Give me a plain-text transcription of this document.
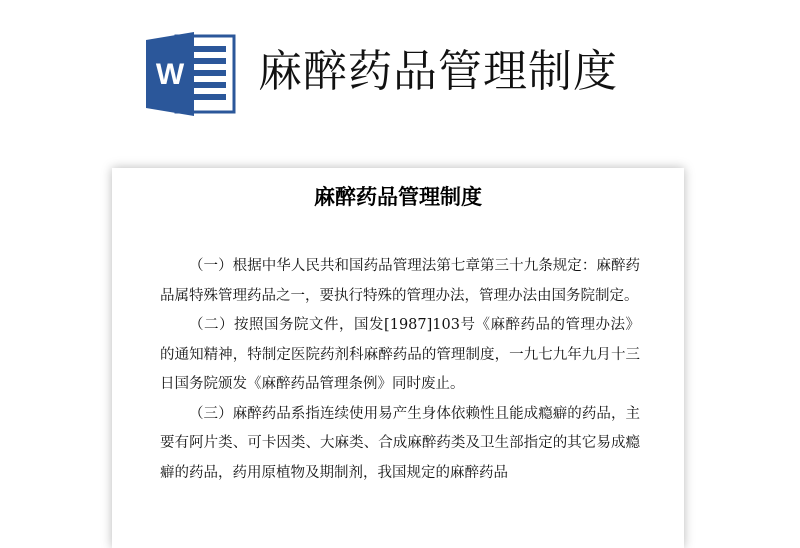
W 麻醉药品管理制度
麻醉药品管理制度

（一）根据中华人民共和国药品管理法第七章第三十九条规定：麻醉药品属特殊管理药品之一，要执行特殊的管理办法，管理办法由国务院制定。

（二）按照国务院文件，国发[1987]103号《麻醉药品的管理办法》的通知精神，特制定医院药剂科麻醉药品的管理制度，一九七九年九月十三日国务院颁发《麻醉药品管理条例》同时废止。

（三）麻醉药品系指连续使用易产生身体依赖性且能成瘾癖的药品，主要有阿片类、可卡因类、大麻类、合成麻醉药类及卫生部指定的其它易成瘾癖的药品，药用原植物及期制剂，我国规定的麻醉药品
